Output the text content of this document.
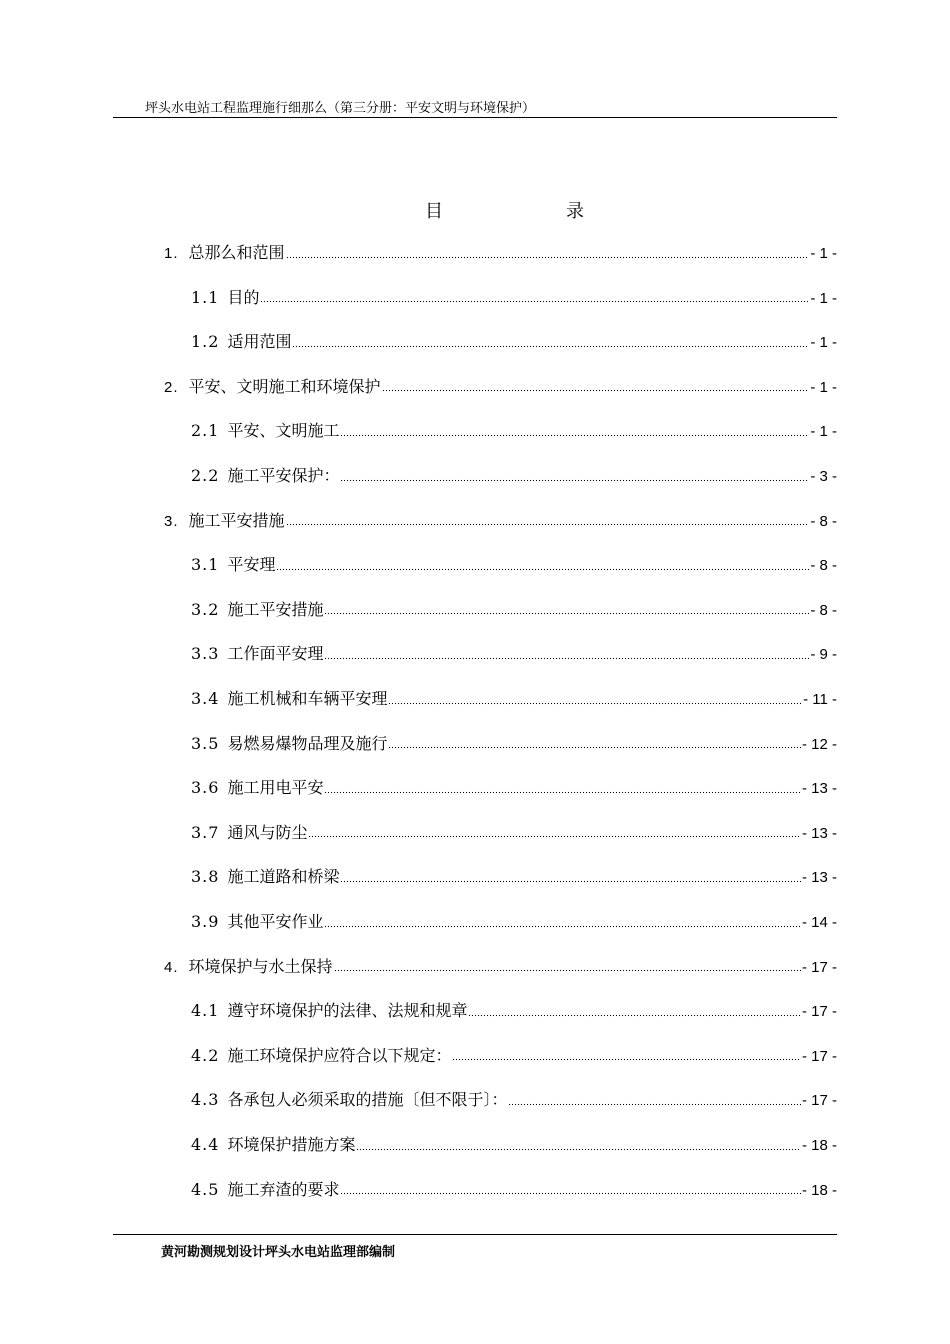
坪头水电站工程监理施行细那么（第三分册：平安文明与环境保护）
目	录
1. 总那么和范围	- 1 -
1.1 目的	- 1 -
1.2 适用范围	- 1 -
2. 平安、文明施工和环境保护	- 1 -
2.1 平安、文明施工	- 1 -
2.2 施工平安保护：	- 3 -
3. 施工平安措施	- 8 -
3.1 平安理	- 8 -
3.2 施工平安措施	- 8 -
3.3 工作面平安理	- 9 -
3.4 施工机械和车辆平安理	- 11 -
3.5 易燃易爆物品理及施行	- 12 -
3.6 施工用电平安	- 13 -
3.7 通风与防尘	- 13 -
3.8 施工道路和桥梁	- 13 -
3.9 其他平安作业	- 14 -
4. 环境保护与水土保持	- 17 -
4.1 遵守环境保护的法律、法规和规章	- 17 -
4.2 施工环境保护应符合以下规定：	- 17 -
4.3 各承包人必须采取的措施〔但不限于〕：	- 17 -
4.4 环境保护措施方案	- 18 -
4.5 施工弃渣的要求	- 18 -
黄河勘测规划设计坪头水电站监理部编制
